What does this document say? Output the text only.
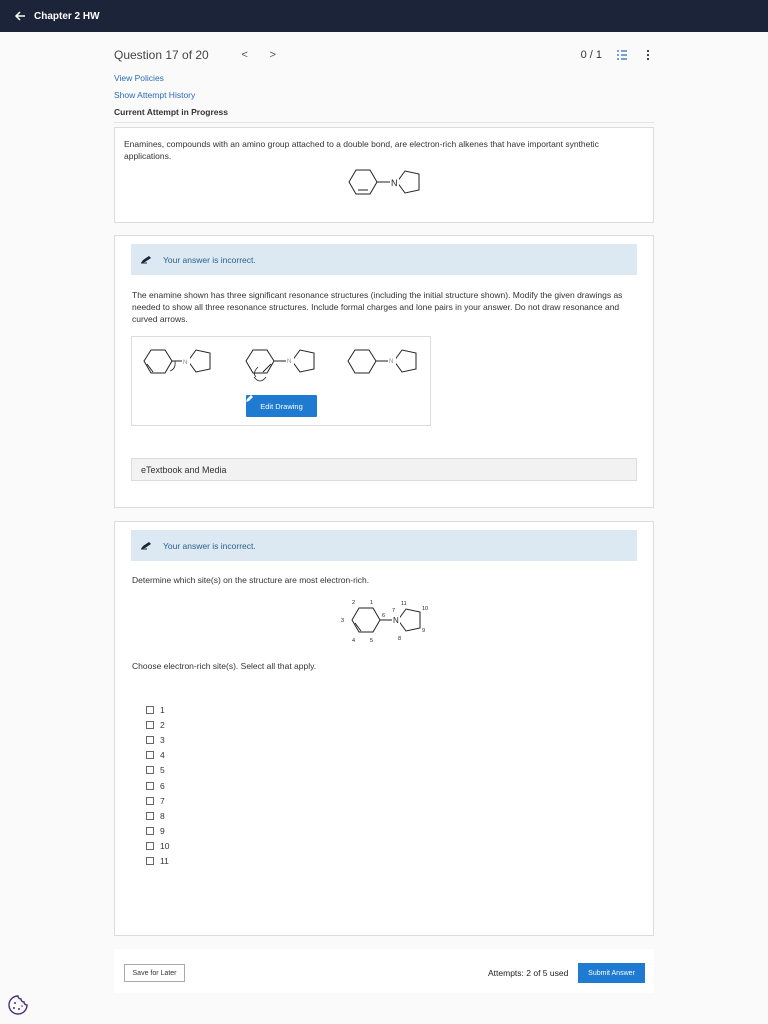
Chapter 2 HW
Question 17 of 20	<	>	0 / 1
View Policies
Show Attempt History
Current Attempt in Progress

Enamines, compounds with an amino group attached to a double bond, are electron-rich alkenes that have important synthetic applications.

N
Your answer is incorrect.
The enamine shown has three significant resonance structures (including the initial structure shown). Modify the given drawings as needed to show all three resonance structures. Include formal charges and lone pairs in your answer. Do not draw resonance and curved arrows.
N	N	N
Edit Drawing
eTextbook and Media
Your answer is incorrect.
Determine which site(s) on the structure are most electron-rich.
N
2	1
3
4	5
6
7
8
9
10
11
Choose electron-rich site(s). Select all that apply.
1
2
3
4
5
6
7
8
9
10
11
Save for Later	Attempts: 2 of 5 used	Submit Answer
